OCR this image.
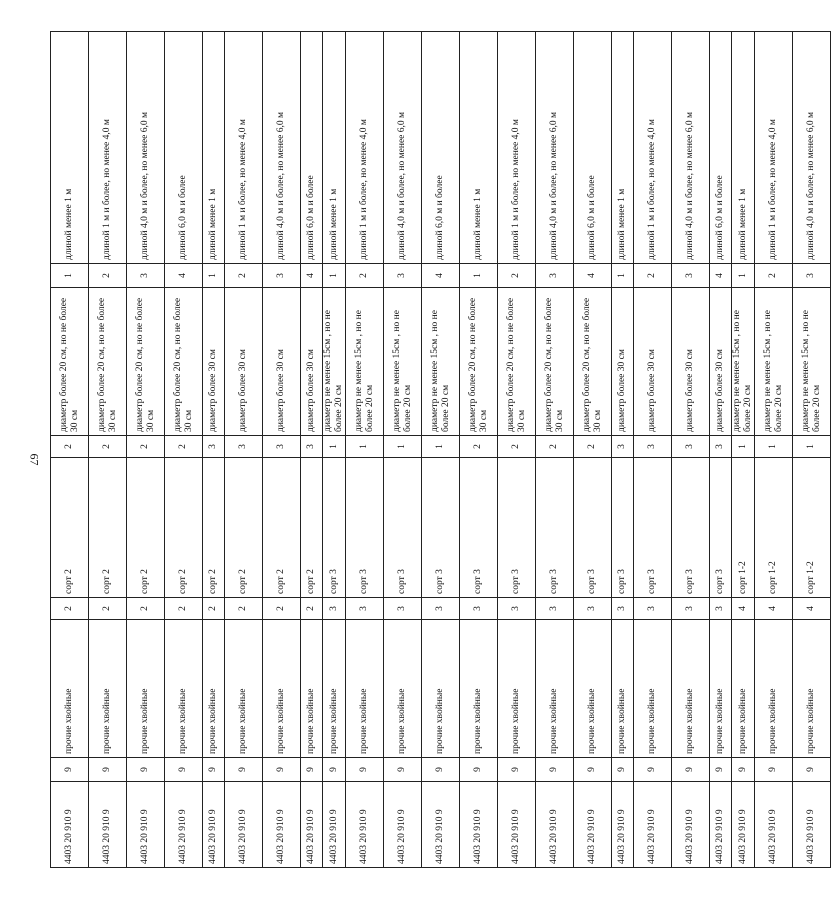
67
4403 20 910 9	9	прочие хвойные	2	сорт 2	2	диаметр более 20 см, но не более 30 см	1	длиной менее 1 м
4403 20 910 9	9	прочие хвойные	2	сорт 2	2	диаметр более 20 см, но не более 30 см	2	длиной 1 м и более, но менее 4,0 м
4403 20 910 9	9	прочие хвойные	2	сорт 2	2	диаметр более 20 см, но не более 30 см	3	длиной 4,0 м и более, но менее 6,0 м
4403 20 910 9	9	прочие хвойные	2	сорт 2	2	диаметр более 20 см, но не более 30 см	4	длиной 6,0 м и более
4403 20 910 9	9	прочие хвойные	2	сорт 2	3	диаметр более 30 см	1	длиной менее 1 м
4403 20 910 9	9	прочие хвойные	2	сорт 2	3	диаметр более 30 см	2	длиной 1 м и более, но менее 4,0 м
4403 20 910 9	9	прочие хвойные	2	сорт 2	3	диаметр более 30 см	3	длиной 4,0 м и более, но менее 6,0 м
4403 20 910 9	9	прочие хвойные	2	сорт 2	3	диаметр более 30 см	4	длиной 6,0 м и более
4403 20 910 9	9	прочие хвойные	3	сорт 3	1	диаметр не менее 15см , но не более 20 см	1	длиной менее 1 м
4403 20 910 9	9	прочие хвойные	3	сорт 3	1	диаметр не менее 15см , но не более 20 см	2	длиной 1 м и более, но менее 4,0 м
4403 20 910 9	9	прочие хвойные	3	сорт 3	1	диаметр не менее 15см , но не более 20 см	3	длиной 4,0 м и более, но менее 6,0 м
4403 20 910 9	9	прочие хвойные	3	сорт 3	1	диаметр не менее 15см , но не более 20 см	4	длиной 6,0 м и более
4403 20 910 9	9	прочие хвойные	3	сорт 3	2	диаметр более 20 см, но не более 30 см	1	длиной менее 1 м
4403 20 910 9	9	прочие хвойные	3	сорт 3	2	диаметр более 20 см, но не более 30 см	2	длиной 1 м и более, но менее 4,0 м
4403 20 910 9	9	прочие хвойные	3	сорт 3	2	диаметр более 20 см, но не более 30 см	3	длиной 4,0 м и более, но менее 6,0 м
4403 20 910 9	9	прочие хвойные	3	сорт 3	2	диаметр более 20 см, но не более 30 см	4	длиной 6,0 м и более
4403 20 910 9	9	прочие хвойные	3	сорт 3	3	диаметр более 30 см	1	длиной менее 1 м
4403 20 910 9	9	прочие хвойные	3	сорт 3	3	диаметр более 30 см	2	длиной 1 м и более, но менее 4,0 м
4403 20 910 9	9	прочие хвойные	3	сорт 3	3	диаметр более 30 см	3	длиной 4,0 м и более, но менее 6,0 м
4403 20 910 9	9	прочие хвойные	3	сорт 3	3	диаметр более 30 см	4	длиной 6,0 м и более
4403 20 910 9	9	прочие хвойные	4	сорт 1-2	1	диаметр не менее 15см , но не более 20 см	1	длиной менее 1 м
4403 20 910 9	9	прочие хвойные	4	сорт 1-2	1	диаметр не менее 15см , но не более 20 см	2	длиной 1 м и более, но менее 4,0 м
4403 20 910 9	9	прочие хвойные	4	сорт 1-2	1	диаметр не менее 15см , но не более 20 см	3	длиной 4,0 м и более, но менее 6,0 м
